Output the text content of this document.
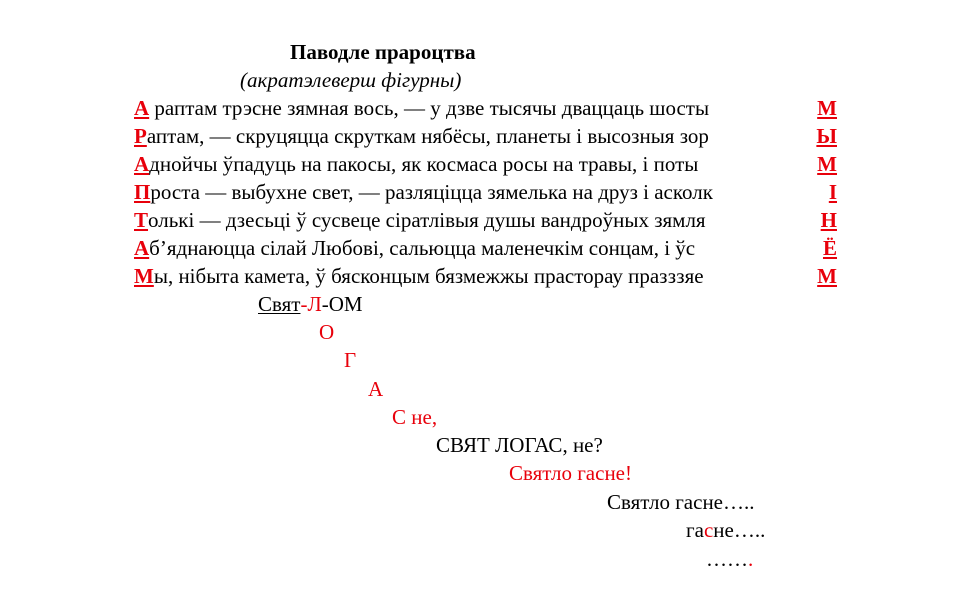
Паводле прароцтва
(акратэлеверш фігурны)
А раптам трэсне зямная вось, — у дзве тысячы дваццаць шосты	М
Раптам, — скруцяцца скруткам нябёсы, планеты і высозныя зор	Ы
Аднойчы ўпадуць на пакосы, як космаса росы на травы, і поты	М
Проста — выбухне свет, — разляціцца зямелька на друз і асколк	І
Толькі — дзесьці ў сусвеце сіратлівыя душы вандроўных зямля	Н
Аб’яднаюцца сілай Любові, сальюцца маленечкім сонцам, і ўс	Ё
Мы, нібыта камета, ў бясконцым бязмежжы прасторау празззяе	М
Свят-Л-ОМ
О
Г
А
С не,
СВЯТ ЛОГАС, не?
Святло гасне!
Святло гасне…..
гасне…..
…….
